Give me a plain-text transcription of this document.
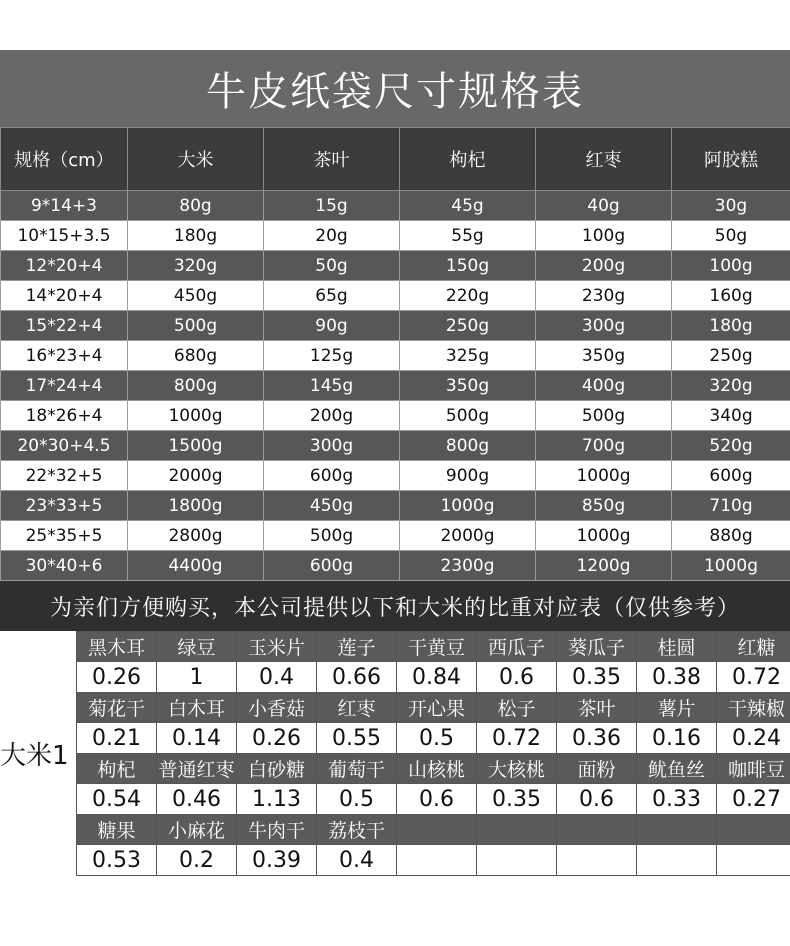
牛皮纸袋尺寸规格表
规格（cm）	大米	茶叶	枸杞	红枣	阿胶糕
9*14+3	80g	15g	45g	40g	30g
10*15+3.5	180g	20g	55g	100g	50g
12*20+4	320g	50g	150g	200g	100g
14*20+4	450g	65g	220g	230g	160g
15*22+4	500g	90g	250g	300g	180g
16*23+4	680g	125g	325g	350g	250g
17*24+4	800g	145g	350g	400g	320g
18*26+4	1000g	200g	500g	500g	340g
20*30+4.5	1500g	300g	800g	700g	520g
22*32+5	2000g	600g	900g	1000g	600g
23*33+5	1800g	450g	1000g	850g	710g
25*35+5	2800g	500g	2000g	1000g	880g
30*40+6	4400g	600g	2300g	1200g	1000g
为亲们方便购买，本公司提供以下和大米的比重对应表（仅供参考）
大米1
黑木耳	绿豆	玉米片	莲子	干黄豆	西瓜子	葵瓜子	桂圆	红糖
0.26	1	0.4	0.66	0.84	0.6	0.35	0.38	0.72
菊花干	白木耳	小香菇	红枣	开心果	松子	茶叶	薯片	干辣椒
0.21	0.14	0.26	0.55	0.5	0.72	0.36	0.16	0.24
枸杞	普通红枣	白砂糖	葡萄干	山核桃	大核桃	面粉	鱿鱼丝	咖啡豆
0.54	0.46	1.13	0.5	0.6	0.35	0.6	0.33	0.27
糖果	小麻花	牛肉干	荔枝干					
0.53	0.2	0.39	0.4					
